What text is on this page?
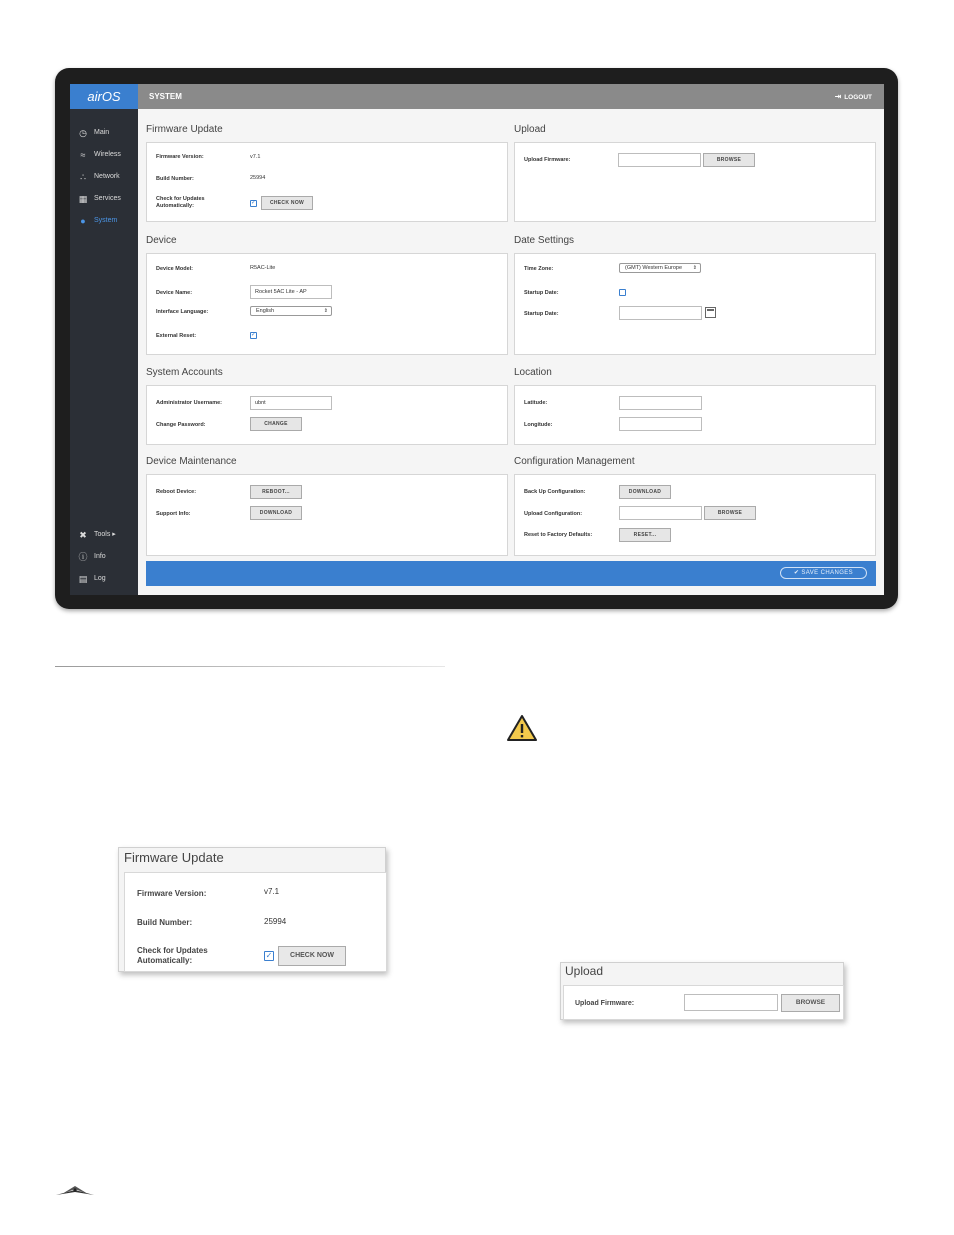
airOS
◷ Main
≈	Wireless
∴	Network
▦ Services
●	System
✖ Tools ▸
ⓘ Info
▤ Log
SYSTEM	⇥ LOGOUT
Firmware Update
Firmware Version:	v7.1
Build Number:	25994
Check for Updates Automatically:	✓	CHECK NOW
Upload
Upload Firmware:	BROWSE
Device
Device Model:	R5AC-Lite
Device Name:	Rocket 5AC Lite - AP
Interface Language:	English	⇕
External Reset:	✓
Date Settings
Time Zone:	(GMT) Western Europe ⇕
Startup Date:
Startup Date:
System Accounts
Administrator Username:	ubnt
Change Password:	CHANGE
Location
Latitude:
Longitude:
Device Maintenance
Reboot Device:	REBOOT...
Support Info:	DOWNLOAD
Configuration Management
Back Up Configuration:	DOWNLOAD
Upload Configuration:	BROWSE
Reset to Factory Defaults:	RESET...
✔ SAVE CHANGES
Firmware Update
Firmware Version:	v7.1
Build Number:	25994
Check for Updates Automatically:
✓	CHECK NOW
Upload
Upload Firmware:	BROWSE
